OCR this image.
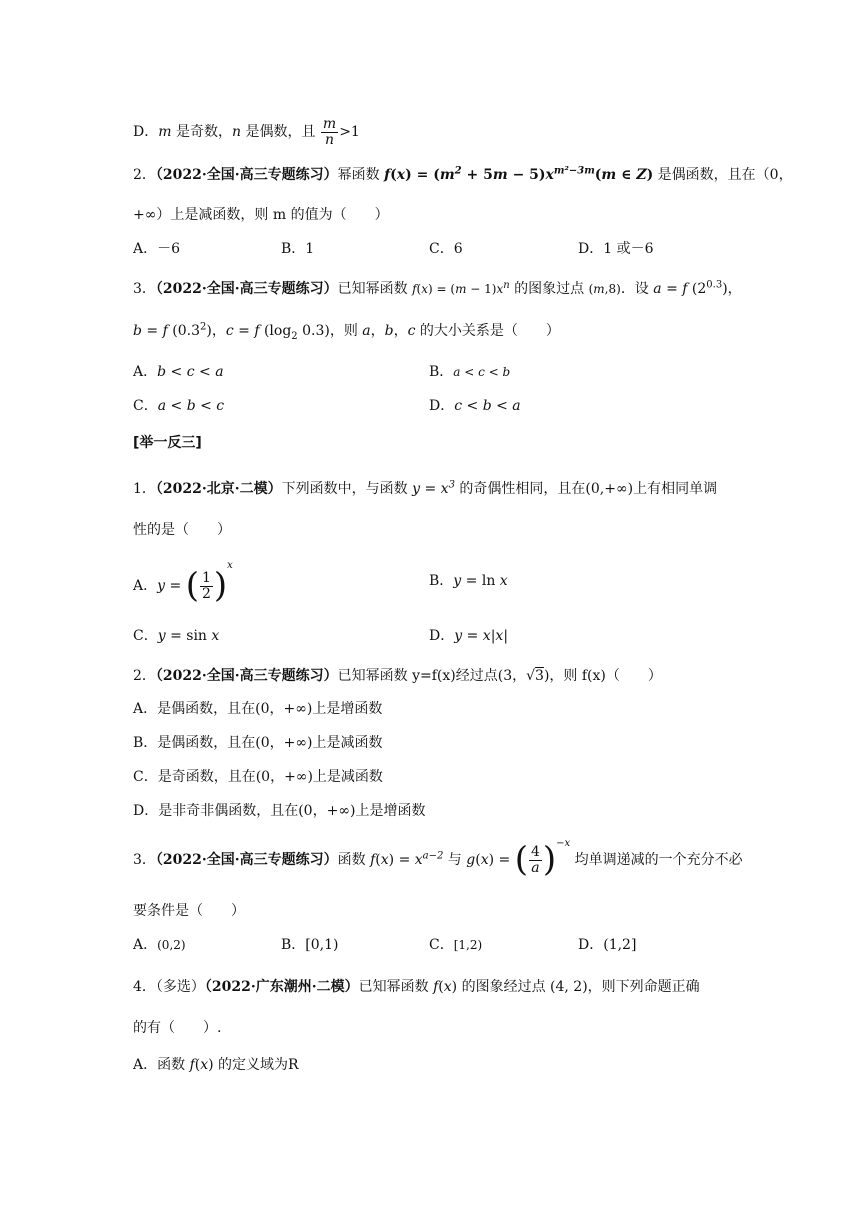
D．m 是奇数，n 是偶数，且 $\frac{m}{n} >1$
2．（2022·全国·高三专题练习）幂函数 $f(x) = (m^2 + 5m - 5)x^{m^2-3m}(m$ ∈ Z) 是偶函数，且在（0，
+∞）上是减函数，则 m 的值为（　　）
A．－6	B．1	C．6	D．1 或－6
3．（2022·全国·高三专题练习）已知幂函数 $f(x) = (m - 1)x^n$ 的图象过点 (m,8)．设 a = f $(2^{0.3})$，
b = f $(0.3^2)$，c = f ($\log_2$ 0.3)，则 a，b，c 的大小关系是（　　）
A．b < c < a	B．a < c < b
C．a < b < c	D．c < b < a
[举一反三]
1．（2022·北京·二模）下列函数中，与函数 $y = x^3$ 的奇偶性相同，且在(0,+∞)上有相同单调
性的是（　　）
A．y = ( $\frac{1}{2} )^x$
B．y = ln x
C．y = sin x	D．y = x|x|
2．（2022·全国·高三专题练习）已知幂函数 y=f(x)经过点(3，√3)，则 f(x)（　　）
A．是偶函数，且在(0，+∞)上是增函数
B．是偶函数，且在(0，+∞)上是减函数
C．是奇函数，且在(0，+∞)上是减函数
D．是非奇非偶函数，且在(0，+∞)上是增函数
3．（2022·全国·高三专题练习）函数 $f(x) = x^{a-2}$ 与 g(x) = ( $\frac{4}{a} )^{-x}$ 均单调递减的一个充分不必
要条件是（　　）
A．(0,2)	B．[0,1)	C．[1,2)	D．(1,2]
4．（多选）（2022·广东潮州·二模）已知幂函数 f(x) 的图象经过点 (4, 2)，则下列命题正确
的有（　　）.
A．函数 f(x) 的定义域为R
